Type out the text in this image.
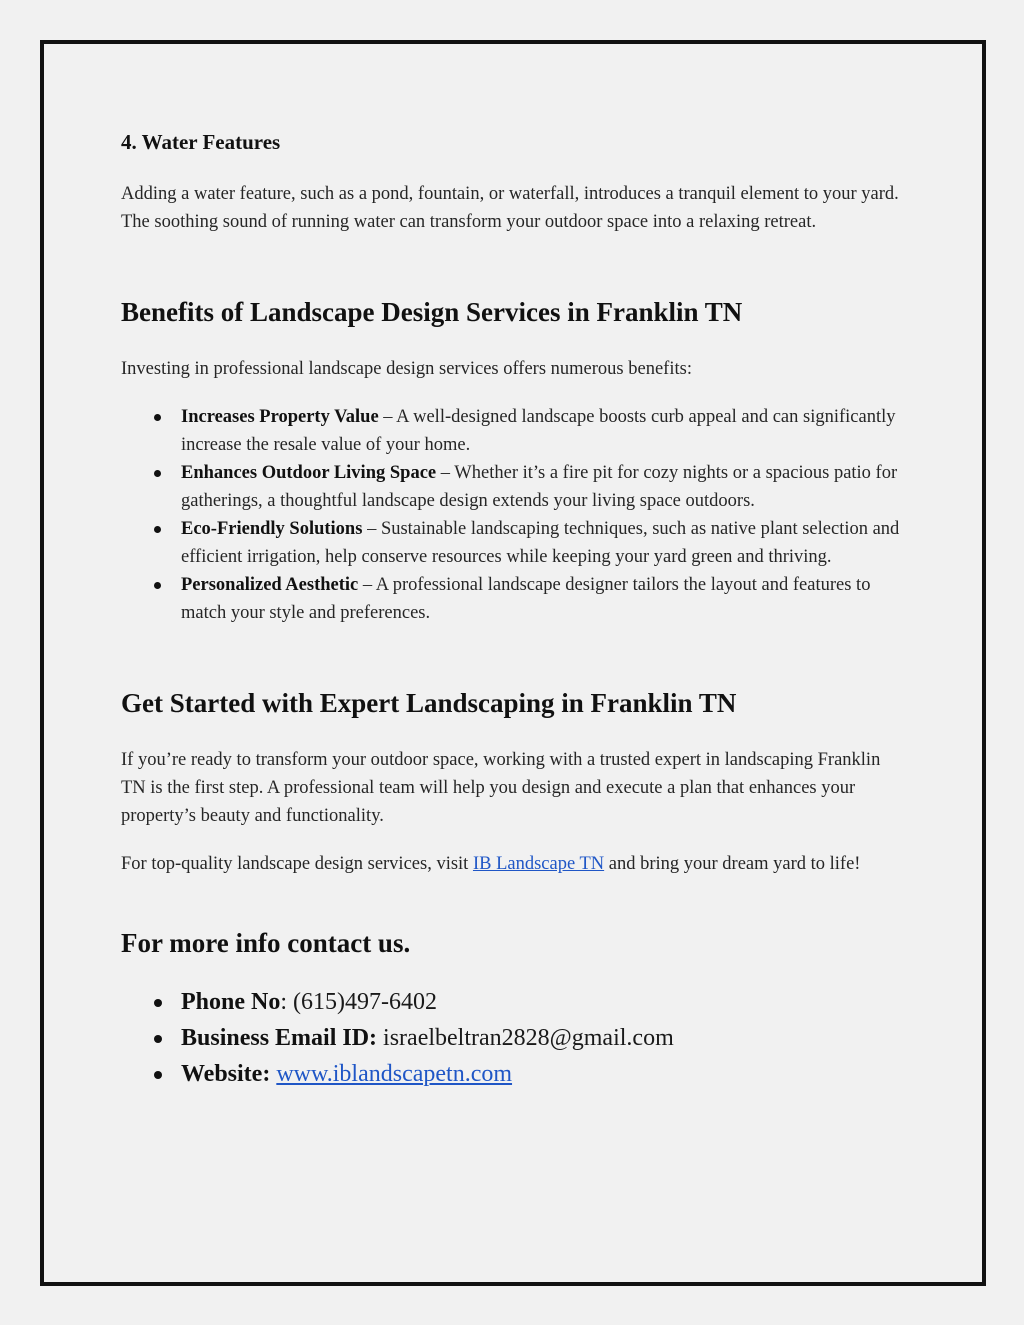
4. Water Features

Adding a water feature, such as a pond, fountain, or waterfall, introduces a tranquil element to your yard. The soothing sound of running water can transform your outdoor space into a relaxing retreat.

Benefits of Landscape Design Services in Franklin TN

Investing in professional landscape design services offers numerous benefits:

Increases Property Value – A well-designed landscape boosts curb appeal and can significantly increase the resale value of your home.
Enhances Outdoor Living Space – Whether it’s a fire pit for cozy nights or a spacious patio for gatherings, a thoughtful landscape design extends your living space outdoors.
Eco-Friendly Solutions – Sustainable landscaping techniques, such as native plant selection and efficient irrigation, help conserve resources while keeping your yard green and thriving.
Personalized Aesthetic – A professional landscape designer tailors the layout and features to match your style and preferences.
Get Started with Expert Landscaping in Franklin TN

If you’re ready to transform your outdoor space, working with a trusted expert in landscaping Franklin TN is the first step. A professional team will help you design and execute a plan that enhances your property’s beauty and functionality.

For top-quality landscape design services, visit IB Landscape TN and bring your dream yard to life!

For more info contact us.
Phone No: (615)497-6402
Business Email ID: israelbeltran2828@gmail.com
Website: www.iblandscapetn.com
